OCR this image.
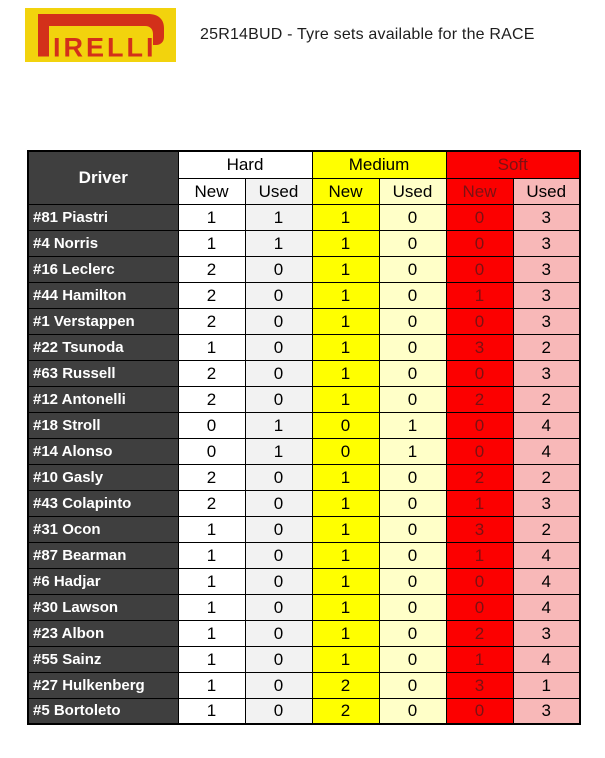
IRELLI	25R14BUD - Tyre sets available for the RACE
Driver	Hard		Medium		Soft	
	New	Used	New	Used	New	Used
#81 Piastri	1	1	1	0	0	3
#4 Norris	1	1	1	0	0	3
#16 Leclerc	2	0	1	0	0	3
#44 Hamilton	2	0	1	0	1	3
#1 Verstappen	2	0	1	0	0	3
#22 Tsunoda	1	0	1	0	3	2
#63 Russell	2	0	1	0	0	3
#12 Antonelli	2	0	1	0	2	2
#18 Stroll	0	1	0	1	0	4
#14 Alonso	0	1	0	1	0	4
#10 Gasly	2	0	1	0	2	2
#43 Colapinto	2	0	1	0	1	3
#31 Ocon	1	0	1	0	3	2
#87 Bearman	1	0	1	0	1	4
#6 Hadjar	1	0	1	0	0	4
#30 Lawson	1	0	1	0	0	4
#23 Albon	1	0	1	0	2	3
#55 Sainz	1	0	1	0	1	4
#27 Hulkenberg	1	0	2	0	3	1
#5 Bortoleto	1	0	2	0	0	3
